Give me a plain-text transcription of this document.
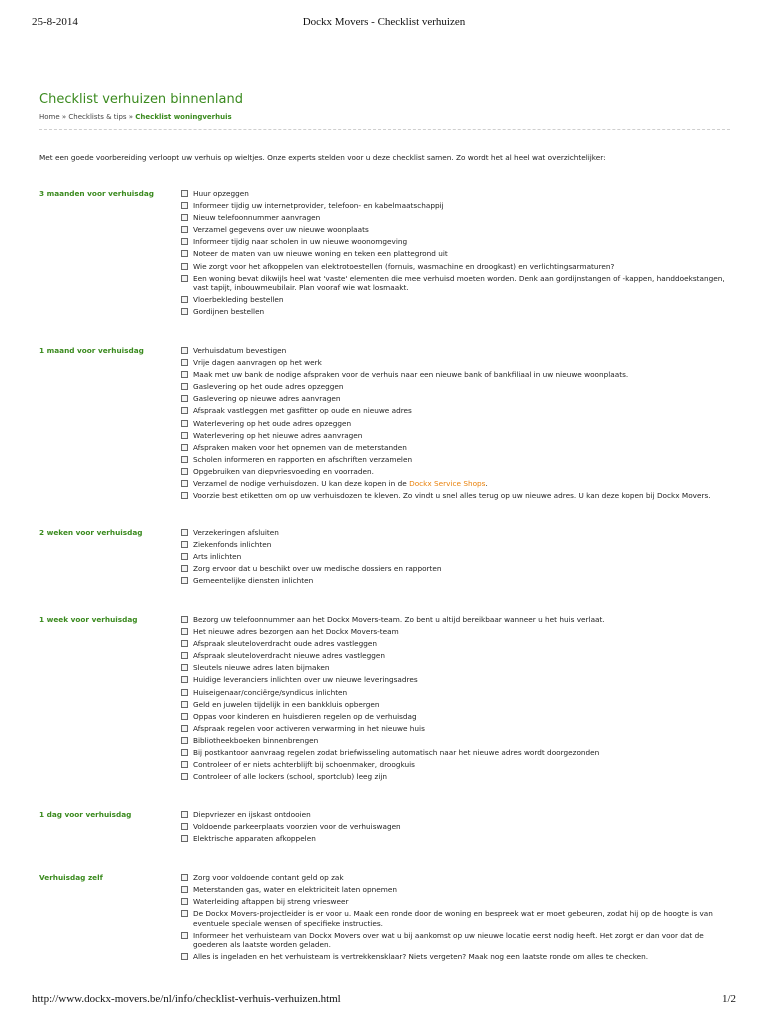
25-8-2014	Dockx Movers - Checklist verhuizen
Checklist verhuizen binnenland
Home » Checklists & tips » Checklist woningverhuis

Met een goede voorbereiding verloopt uw verhuis op wieltjes. Onze experts stelden voor u deze checklist samen. Zo wordt het al heel wat overzichtelijker:

3 maanden voor verhuisdag	Huur opzeggen
Informeer tijdig uw internetprovider, telefoon- en kabelmaatschappij
Nieuw telefoonnummer aanvragen
Verzamel gegevens over uw nieuwe woonplaats
Informeer tijdig naar scholen in uw nieuwe woonomgeving
Noteer de maten van uw nieuwe woning en teken een plattegrond uit
Wie zorgt voor het afkoppelen van elektrotoestellen (fornuis, wasmachine en droogkast) en verlichtingsarmaturen?
Een woning bevat dikwijls heel wat 'vaste' elementen die mee verhuisd moeten worden. Denk aan gordijnstangen of -kappen, handdoekstangen, vast tapijt, inbouwmeubilair. Plan vooraf wie wat losmaakt.
Vloerbekleding bestellen
Gordijnen bestellen
1 maand voor verhuisdag	Verhuisdatum bevestigen
Vrije dagen aanvragen op het werk
Maak met uw bank de nodige afspraken voor de verhuis naar een nieuwe bank of bankfiliaal in uw nieuwe woonplaats.
Gaslevering op het oude adres opzeggen
Gaslevering op nieuwe adres aanvragen
Afspraak vastleggen met gasfitter op oude en nieuwe adres
Waterlevering op het oude adres opzeggen
Waterlevering op het nieuwe adres aanvragen
Afspraken maken voor het opnemen van de meterstanden
Scholen informeren en rapporten en afschriften verzamelen
Opgebruiken van diepvriesvoeding en voorraden.
Verzamel de nodige verhuisdozen. U kan deze kopen in de Dockx Service Shops.
Voorzie best etiketten om op uw verhuisdozen te kleven. Zo vindt u snel alles terug op uw nieuwe adres. U kan deze kopen bij Dockx Movers.
2 weken voor verhuisdag	Verzekeringen afsluiten
Ziekenfonds inlichten
Arts inlichten
Zorg ervoor dat u beschikt over uw medische dossiers en rapporten
Gemeentelijke diensten inlichten
1 week voor verhuisdag	Bezorg uw telefoonnummer aan het Dockx Movers-team. Zo bent u altijd bereikbaar wanneer u het huis verlaat.
Het nieuwe adres bezorgen aan het Dockx Movers-team
Afspraak sleuteloverdracht oude adres vastleggen
Afspraak sleuteloverdracht nieuwe adres vastleggen
Sleutels nieuwe adres laten bijmaken
Huidige leveranciers inlichten over uw nieuwe leveringsadres
Huiseigenaar/conciërge/syndicus inlichten
Geld en juwelen tijdelijk in een bankkluis opbergen
Oppas voor kinderen en huisdieren regelen op de verhuisdag
Afspraak regelen voor activeren verwarming in het nieuwe huis
Bibliotheekboeken binnenbrengen
Bij postkantoor aanvraag regelen zodat briefwisseling automatisch naar het nieuwe adres wordt doorgezonden
Controleer of er niets achterblijft bij schoenmaker, droogkuis
Controleer of alle lockers (school, sportclub) leeg zijn
1 dag voor verhuisdag	Diepvriezer en ijskast ontdooien
Voldoende parkeerplaats voorzien voor de verhuiswagen
Elektrische apparaten afkoppelen
Verhuisdag zelf	Zorg voor voldoende contant geld op zak
Meterstanden gas, water en elektriciteit laten opnemen
Waterleiding aftappen bij streng vriesweer
De Dockx Movers-projectleider is er voor u. Maak een ronde door de woning en bespreek wat er moet gebeuren, zodat hij op de hoogte is van eventuele speciale wensen of specifieke instructies.
Informeer het verhuisteam van Dockx Movers over wat u bij aankomst op uw nieuwe locatie eerst nodig heeft. Het zorgt er dan voor dat de goederen als laatste worden geladen.
Alles is ingeladen en het verhuisteam is vertrekkensklaar? Niets vergeten? Maak nog een laatste ronde om alles te checken.
http://www.dockx-movers.be/nl/info/checklist-verhuis-verhuizen.html	1/2
